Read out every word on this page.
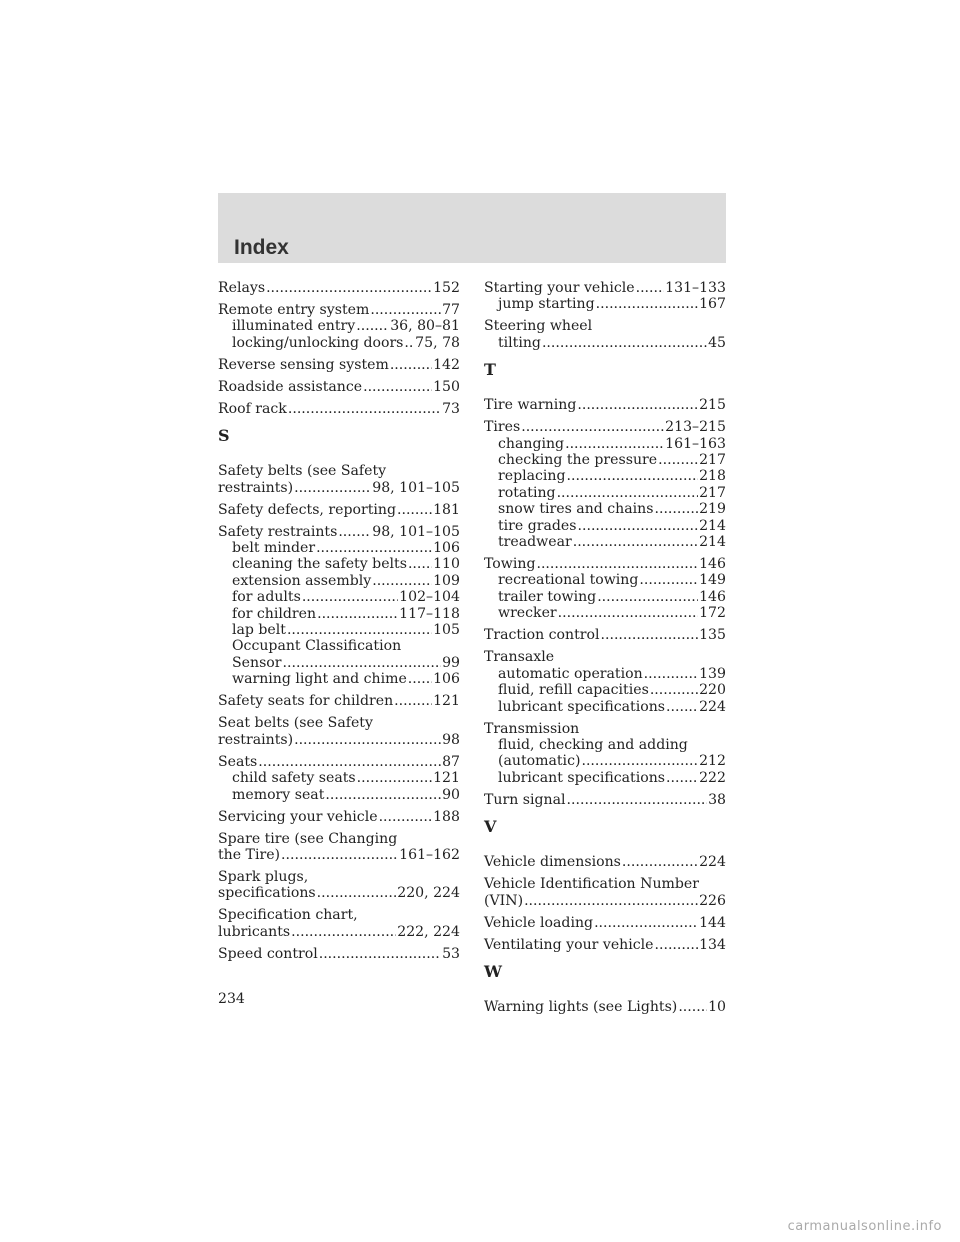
Index
Relays .....	152
Remote entry system .....	77
illuminated entry ..... 36, 80–81
locking/unlocking doors ..... 75, 78
Reverse sensing system .....	142
Roadside assistance .....	150
Roof rack .....	73
S
Safety belts (see Safety
restraints) .....	98, 101–105
Safety defects, reporting .....	181
Safety restraints ..... 98, 101–105
belt minder .....	106
cleaning the safety belts ..... 110
extension assembly .....	109
for adults .....	102–104
for children .....	117–118
lap belt .....	105
Occupant Classification
Sensor .....	99
warning light and chime ..... 106
Safety seats for children .....	121
Seat belts (see Safety
restraints) .....	98
Seats .....	87
child safety seats .....	121
memory seat .....	90
Servicing your vehicle .....	188
Spare tire (see Changing
the Tire) .....	161–162
Spark plugs,
specifications .....	220, 224
Specification chart,
lubricants .....	222, 224
Speed control .....	53
Starting your vehicle ..... 131–133
jump starting .....	167
Steering wheel
tilting .....	45
T
Tire warning .....	215
Tires .....	213–215
changing .....	161–163
checking the pressure .....	217
replacing .....	218
rotating .....	217
snow tires and chains .....	219
tire grades .....	214
treadwear .....	214
Towing .....	146
recreational towing .....	149
trailer towing .....	146
wrecker .....	172
Traction control .....	135
Transaxle
automatic operation .....	139
fluid, refill capacities .....	220
lubricant specifications ..... 224
Transmission
fluid, checking and adding
(automatic) .....	212
lubricant specifications ..... 222
Turn signal .....	38
V
Vehicle dimensions .....	224
Vehicle Identification Number
(VIN) .....	226
Vehicle loading .....	144
Ventilating your vehicle .....	134
W
Warning lights (see Lights) ..... 10
234
carmanualsonline.info
